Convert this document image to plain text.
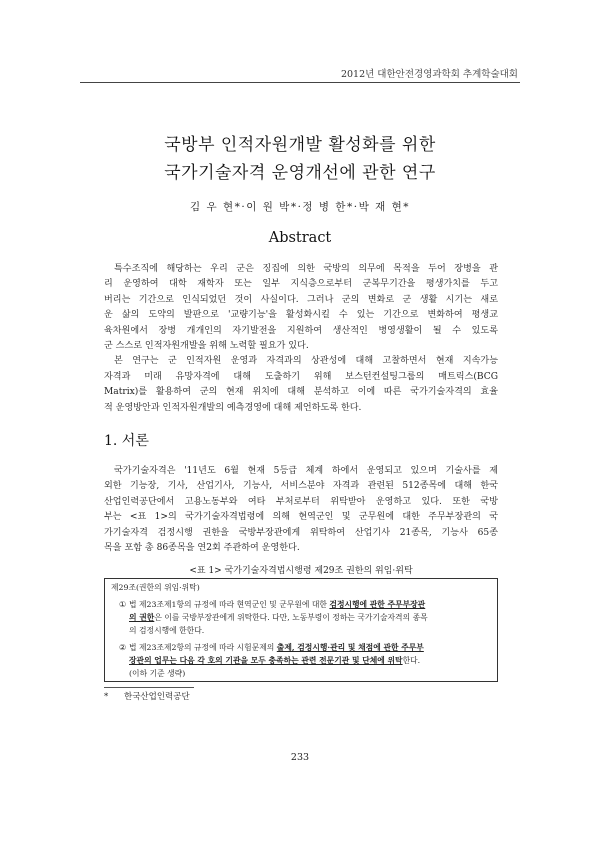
2012년 대한안전경영과학회 추계학술대회
국방부 인적자원개발 활성화를 위한
국가기술자격 운영개선에 관한 연구
김 우 현*·이 원 박*·정 병 한*·박 재 현*
Abstract
특수조직에 해당하는 우리 군은 징집에 의한 국방의 의무에 목적을 두어 장병을 관
리 운영하여 대학 재학자 또는 일부 지식층으로부터 군복무기간을 평생가치를 두고
버리는 기간으로 인식되었던 것이 사실이다. 그러나 군의 변화로 군 생활 시기는 새로
운 삶의 도약의 발판으로 '교량기능'을 활성화시킬 수 있는 기간으로 변화하여 평생교
육차원에서 장병 개개인의 자기발전을 지원하여 생산적인 병영생활이 될 수 있도록
군 스스로 인적자원개발을 위해 노력할 필요가 있다.
본 연구는 군 인적자원 운영과 자격과의 상관성에 대해 고찰하면서 현재 지속가능
자격과 미래 유망자격에 대해 도출하기 위해 보스턴컨설팅그룹의 매트릭스(BCG
Matrix)를 활용하여 군의 현재 위치에 대해 분석하고 이에 따른 국가기술자격의 효율
적 운영방안과 인적자원개발의 예측경영에 대해 제언하도록 한다.
1. 서론
국가기술자격은 '11년도 6월 현재 5등급 체계 하에서 운영되고 있으며 기술사를 제
외한 기능장, 기사, 산업기사, 기능사, 서비스분야 자격과 관련된 512종목에 대해 한국
산업인력공단에서 고용노동부와 여타 부처로부터 위탁받아 운영하고 있다. 또한 국방
부는 <표 1>의 국가기술자격법령에 의해 현역군인 및 군무원에 대한 주무부장관의 국
가기술자격 검정시행 권한을 국방부장관에게 위탁하여 산업기사 21종목, 기능사 65종
목을 포함 총 86종목을 연2회 주관하여 운영한다.
<표 1> 국가기술자격법시행령 제29조 권한의 위임·위탁
제29조(권한의 위임·위탁)
① 법 제23조제1항의 규정에 따라 현역군인 및 군무원에 대한 검정시행에 관한 주무부장관
의 권한은 이를 국방부장관에게 위탁한다. 다만, 노동부령이 정하는 국가기술자격의 종목
의 검정시행에 한한다.
② 법 제23조제2항의 규정에 따라 시험문제의 출제, 검정시행·관리 및 채점에 관한 주무부
장관의 업무는 다음 각 호의 기관을 모두 충족하는 관련 전문기관 및 단체에 위탁한다.
(이하 기준 생략)
* 한국산업인력공단
233
